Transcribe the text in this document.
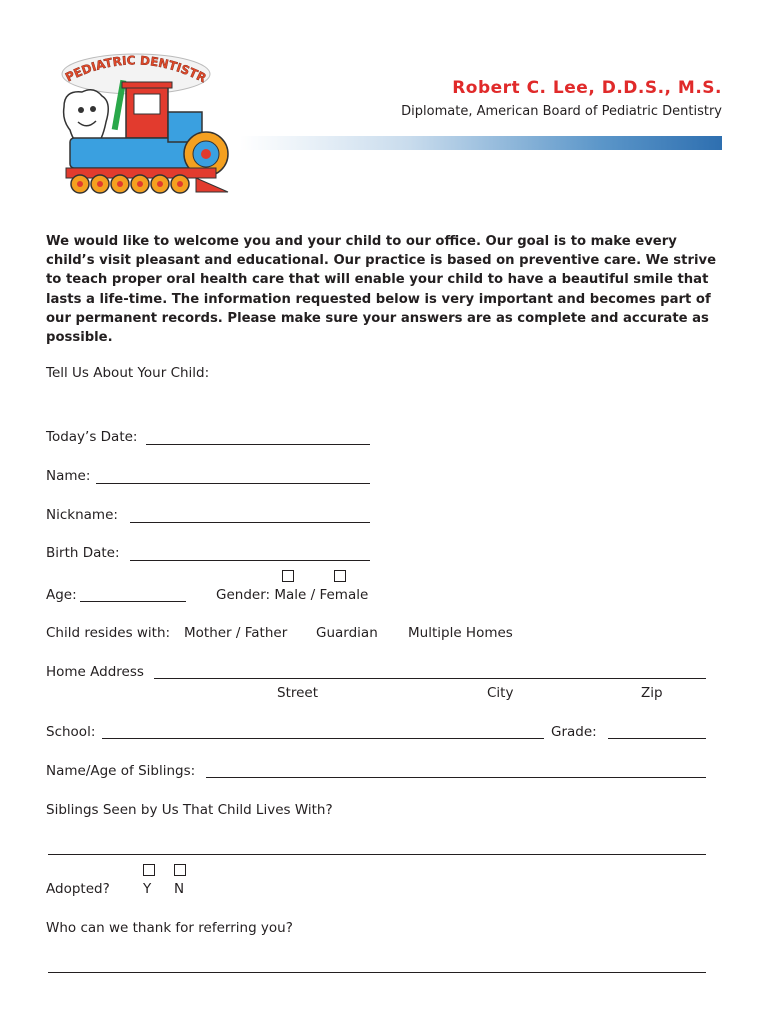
PEDIATRIC DENTISTR
Robert C. Lee, D.D.S., M.S.
Diplomate, American Board of Pediatric Dentistry
We would like to welcome you and your child to our office. Our goal is to make every child’s visit pleasant and educational. Our practice is based on preventive care. We strive to teach proper oral health care that will enable your child to have a beautiful smile that lasts a life-time. The information requested below is very important and becomes part of our permanent records. Please make sure your answers are as complete and accurate as possible.
Tell Us About Your Child:
Today’s Date:
Name:
Nickname:
Birth Date:
Age:	Gender: Male / Female
Child resides with: Mother / Father Guardian Multiple Homes
Home Address
Street	City	Zip
School:	Grade:
Name/Age of Siblings:
Siblings Seen by Us That Child Lives With?
Adopted? Y N
Who can we thank for referring you?
